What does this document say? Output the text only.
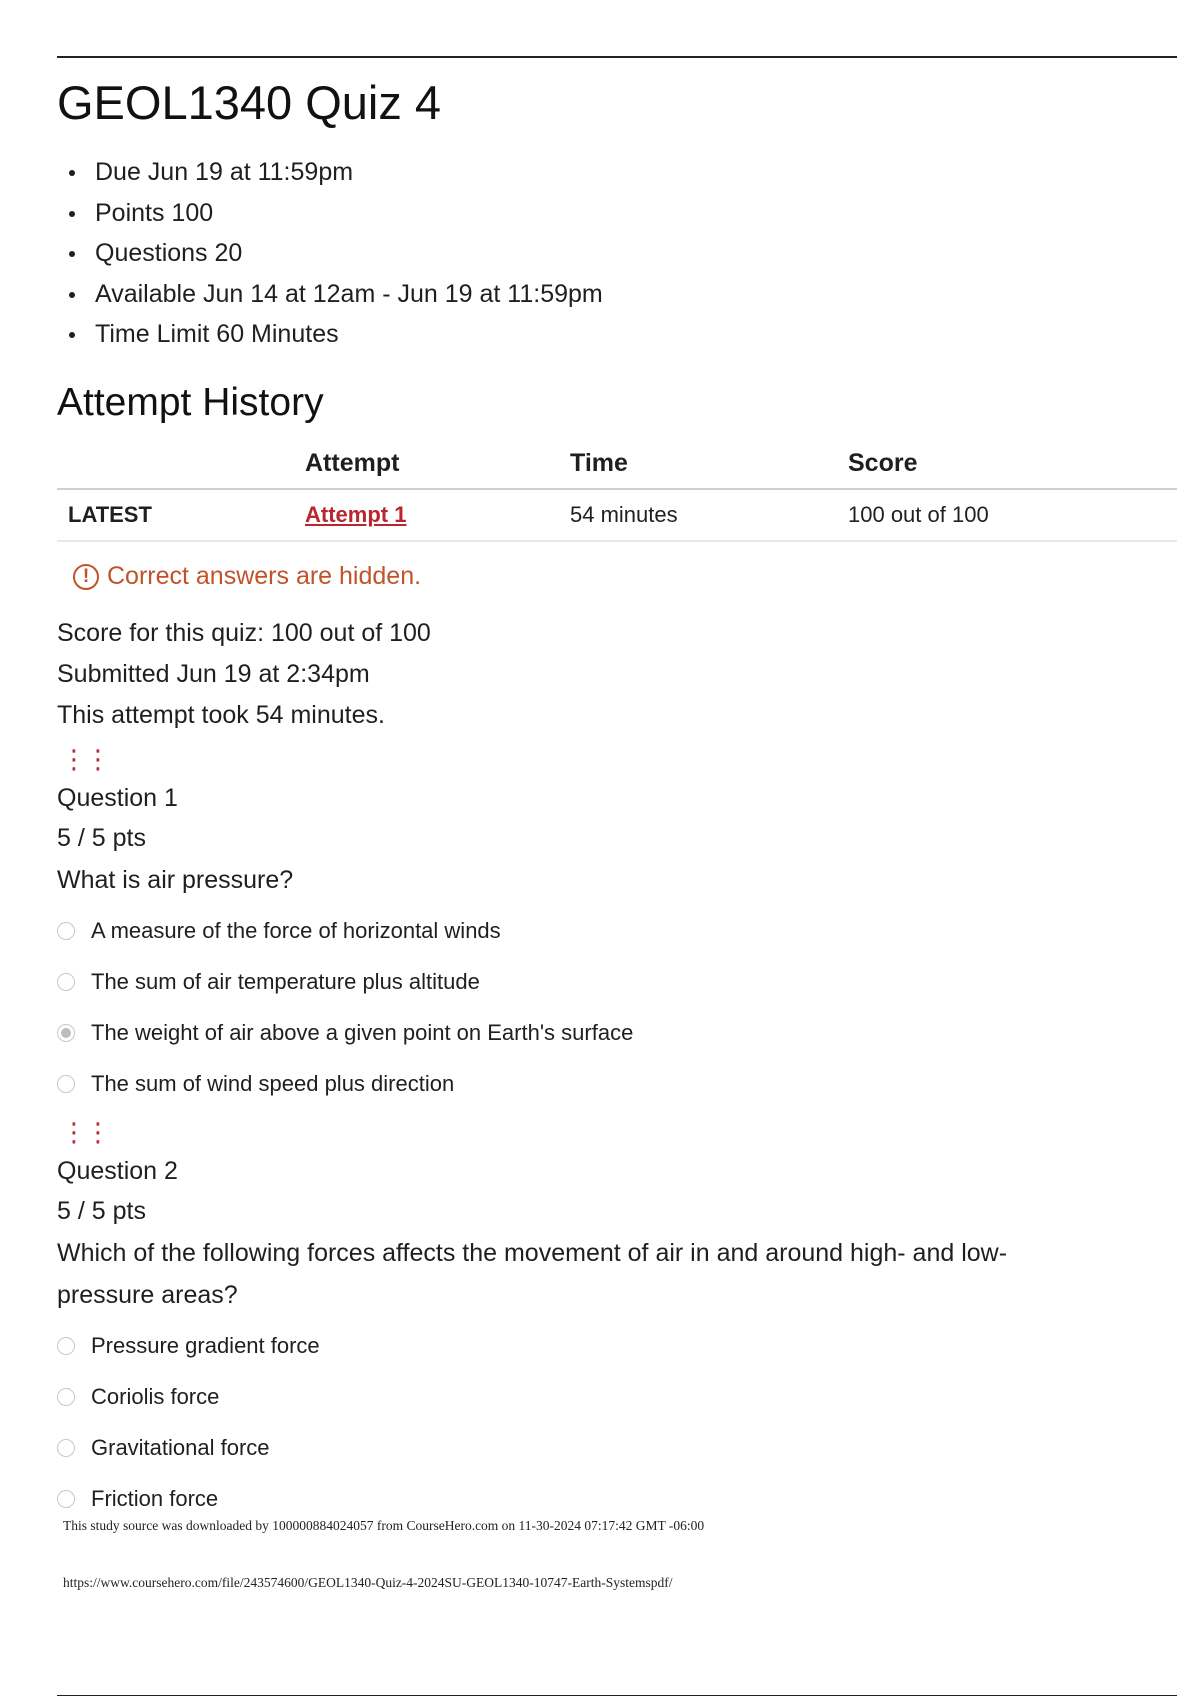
GEOL1340 Quiz 4
Due Jun 19 at 11:59pm
Points 100
Questions 20
Available Jun 14 at 12am - Jun 19 at 11:59pm
Time Limit 60 Minutes
Attempt History
	Attempt	Time	Score
LATEST	Attempt 1	54 minutes	100 out of 100
! Correct answers are hidden.
Score for this quiz: 100 out of 100
Submitted Jun 19 at 2:34pm
This attempt took 54 minutes.
⋮⋮
Question 1
5 / 5 pts
What is air pressure?
A measure of the force of horizontal winds
The sum of air temperature plus altitude
The weight of air above a given point on Earth's surface
The sum of wind speed plus direction
⋮⋮
Question 2
5 / 5 pts
Which of the following forces affects the movement of air in and around high- and low-pressure areas?
Pressure gradient force
Coriolis force
Gravitational force
Friction force
This study source was downloaded by 100000884024057 from CourseHero.com on 11-30-2024 07:17:42 GMT -06:00
https://www.coursehero.com/file/243574600/GEOL1340-Quiz-4-2024SU-GEOL1340-10747-Earth-Systemspdf/
